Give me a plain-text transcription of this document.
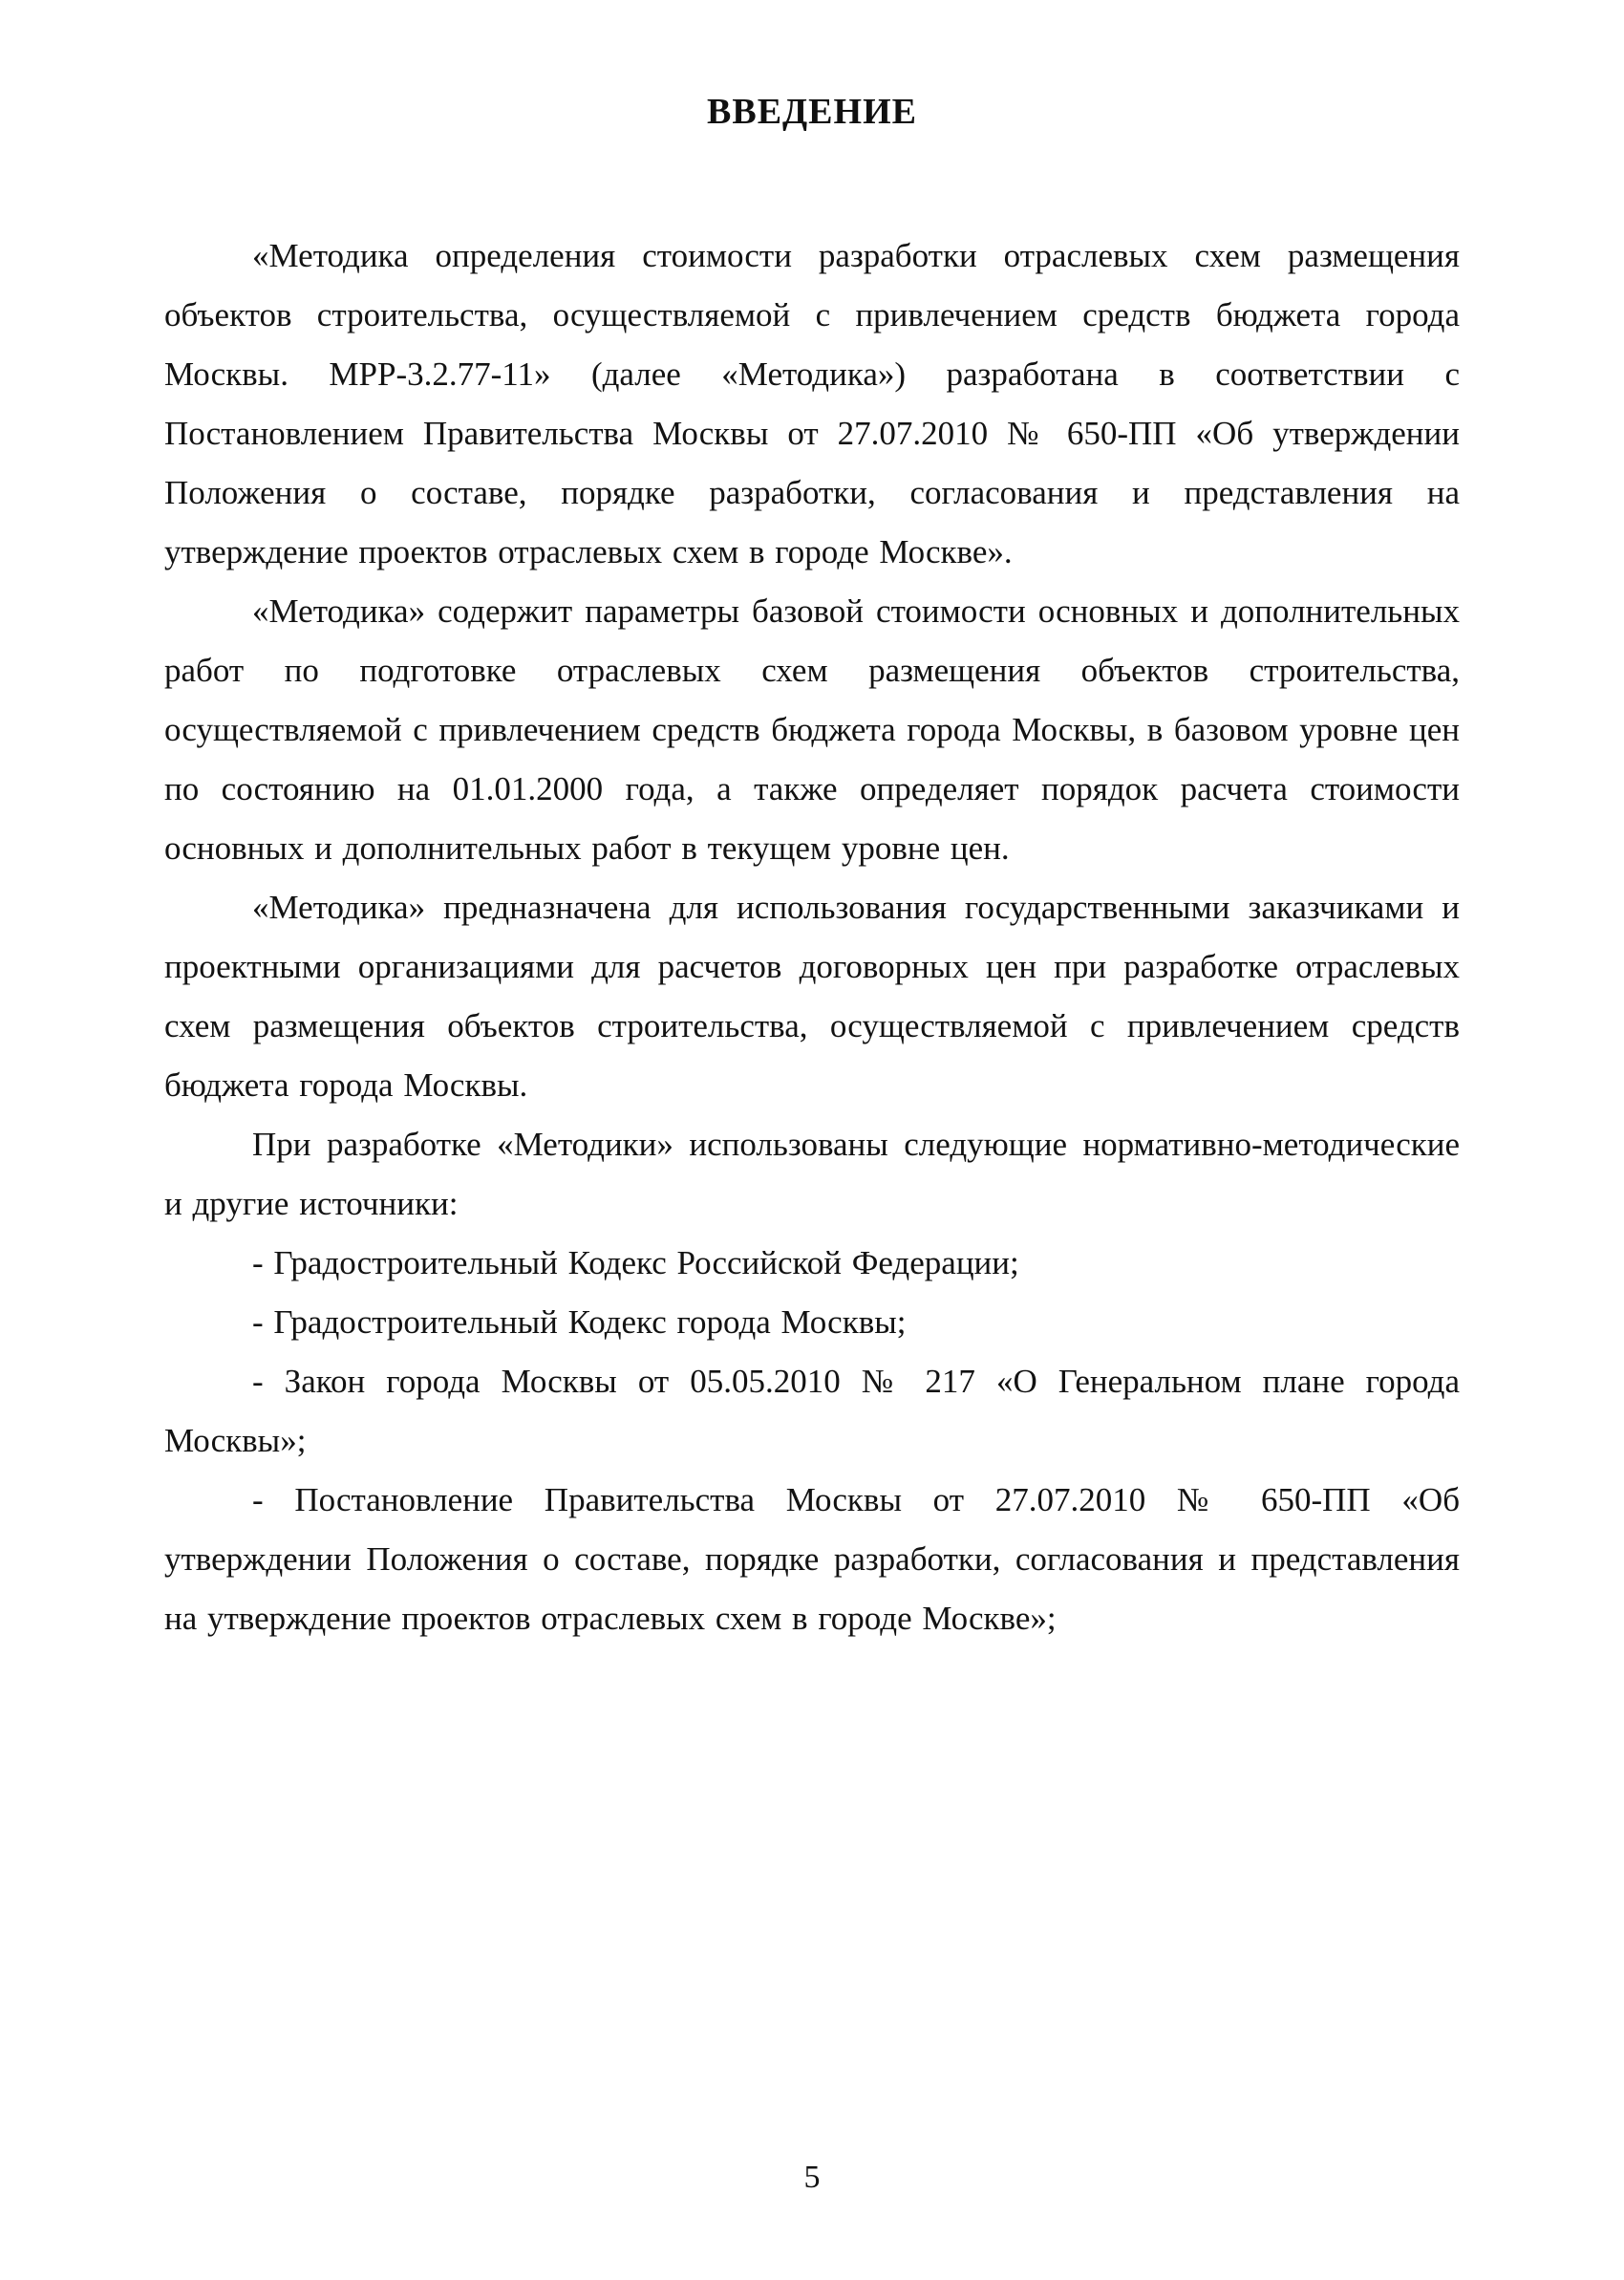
ВВЕДЕНИЕ

«Методика определения стоимости разработки отраслевых схем размещения объектов строительства, осуществляемой с привлечением средств бюджета города Москвы. МРР-3.2.77-11» (далее «Методика») разработана в соответствии с Постановлением Правительства Москвы от 27.07.2010 № 650-ПП «Об утверждении Положения о составе, порядке разработки, согласования и представления на утверждение проектов отраслевых схем в городе Москве».

«Методика» содержит параметры базовой стоимости основных и дополнительных работ по подготовке отраслевых схем размещения объектов строительства, осуществляемой с привлечением средств бюджета города Москвы, в базовом уровне цен по состоянию на 01.01.2000 года, а также определяет порядок расчета стоимости основных и дополнительных работ в текущем уровне цен.

«Методика» предназначена для использования государственными заказчиками и проектными организациями для расчетов договорных цен при разработке отраслевых схем размещения объектов строительства, осуществляемой с привлечением средств бюджета города Москвы.

При разработке «Методики» использованы следующие нормативно-методические и другие источники:

- Градостроительный Кодекс Российской Федерации;

- Градостроительный Кодекс города Москвы;

- Закон города Москвы от 05.05.2010 № 217 «О Генеральном плане города Москвы»;

- Постановление Правительства Москвы от 27.07.2010 № 650-ПП «Об утверждении Положения о составе, порядке разработки, согласования и представления на утверждение проектов отраслевых схем в городе Москве»;

5
